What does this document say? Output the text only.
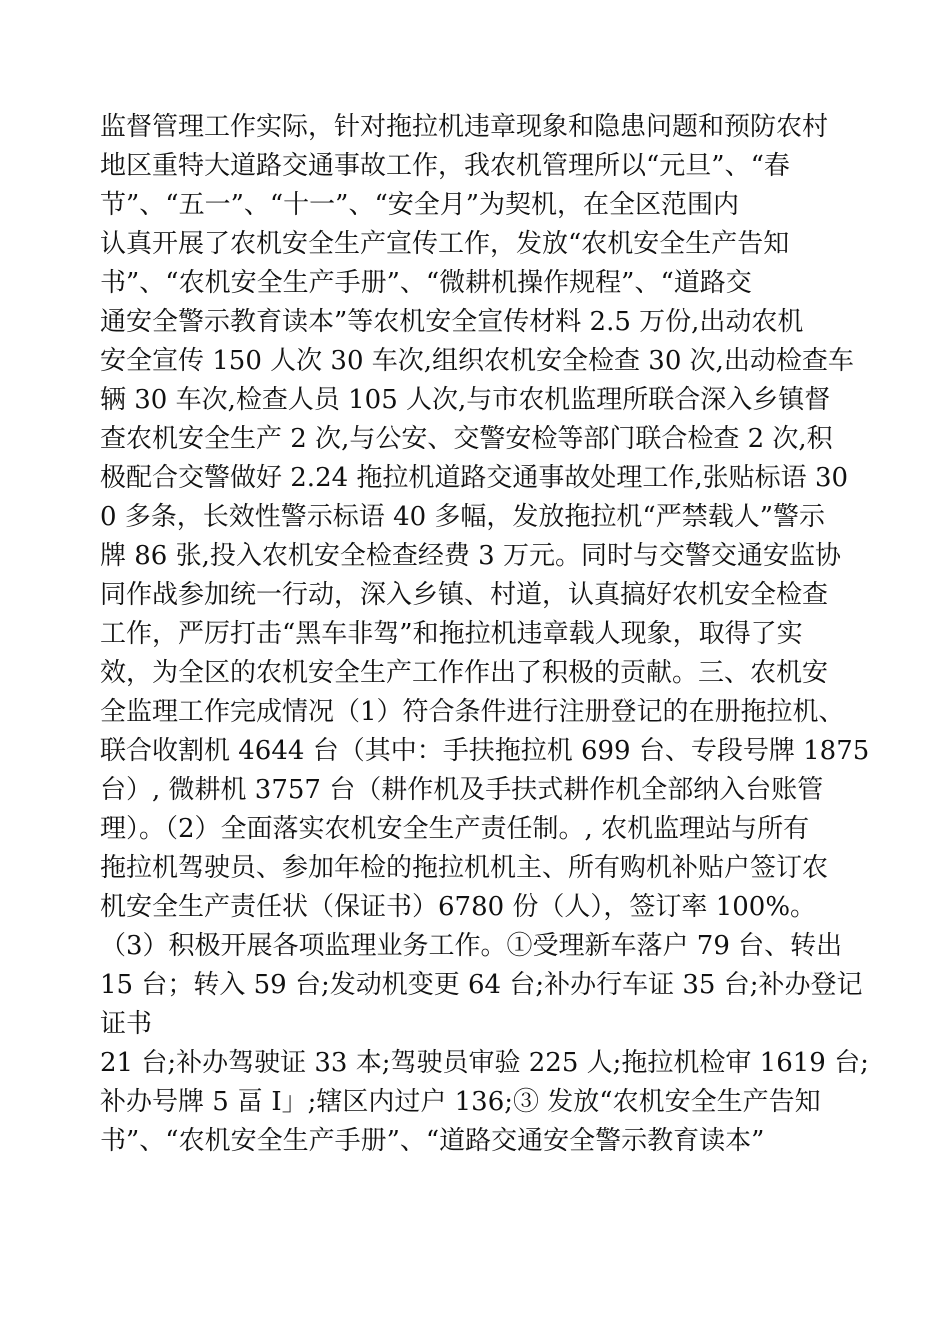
监督管理工作实际，针对拖拉机违章现象和隐患问题和预防农村
地区重特大道路交通事故工作，我农机管理所以“元旦”、“春
节”、“五一”、“十一”、“安全月”为契机，在全区范围内
认真开展了农机安全生产宣传工作，发放“农机安全生产告知
书”、“农机安全生产手册”、“微耕机操作规程”、“道路交
通安全警示教育读本”等农机安全宣传材料 2.5 万份,出动农机
安全宣传 150 人次 30 车次,组织农机安全检查 30 次,出动检查车
辆 30 车次,检查人员 105 人次,与市农机监理所联合深入乡镇督
查农机安全生产 2 次,与公安、交警安检等部门联合检查 2 次,积
极配合交警做好 2.24 拖拉机道路交通事故处理工作,张贴标语 30
0 多条，长效性警示标语 40 多幅，发放拖拉机“严禁载人”警示
牌 86 张,投入农机安全检查经费 3 万元。同时与交警交通安监协
同作战参加统一行动，深入乡镇、村道，认真搞好农机安全检查
工作，严厉打击“黑车非驾”和拖拉机违章载人现象，取得了实
效，为全区的农机安全生产工作作出了积极的贡献。三、农机安
全监理工作完成情况（1）符合条件进行注册登记的在册拖拉机、
联合收割机 4644 台（其中：手扶拖拉机 699 台、专段号牌 1875
台）, 微耕机 3757 台（耕作机及手扶式耕作机全部纳入台账管
理）。（2）全面落实农机安全生产责任制。, 农机监理站与所有
拖拉机驾驶员、参加年检的拖拉机机主、所有购机补贴户签订农
机安全生产责任状（保证书）6780 份（人），签订率 100%。
（3）积极开展各项监理业务工作。①受理新车落户 79 台、转出
15 台；转入 59 台;发动机变更 64 台;补办行车证 35 台;补办登记
证书
21 台;补办驾驶证 33 本;驾驶员审验 225 人;拖拉机检审 1619 台;
补办号牌 5 畐 I」;辖区内过户 136;③ 发放“农机安全生产告知
书”、“农机安全生产手册”、“道路交通安全警示教育读本”
